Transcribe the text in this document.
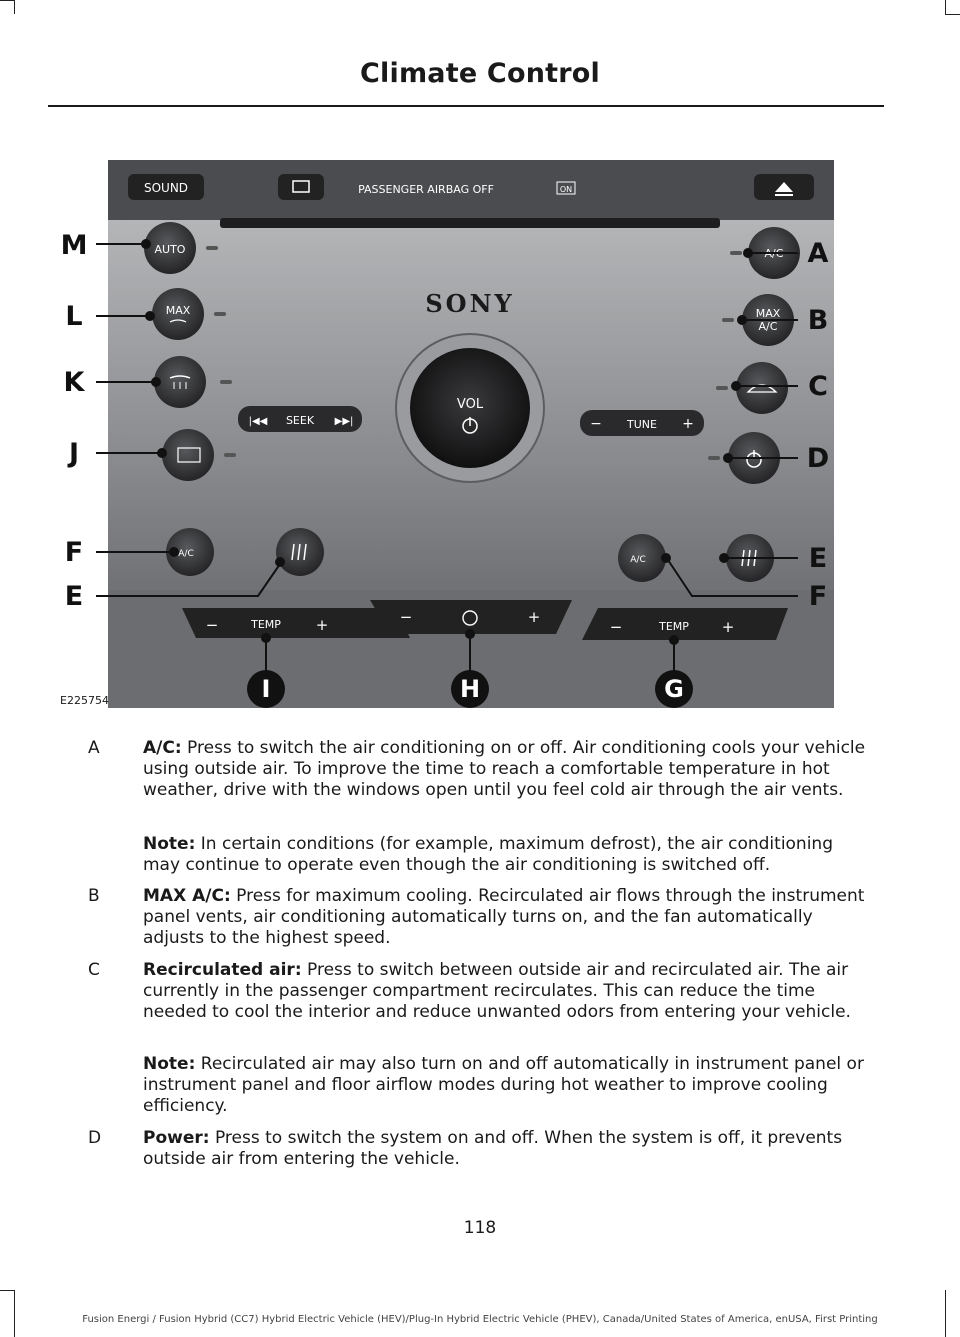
Climate Control
SOUND	PASSENGER AIRBAG OFF	ON
SONY
VOL
SEEK
|◀◀	▶▶|	TUNE
−	+
AUTO
MAX
A/C
MAX
A/C
A/C
A/C
TEMP
−	+	−	+
TEMP
−	+
M
L
K
J
F
E
A
B
C
D
E
F
I	H	G
E225754
A	A/C: Press to switch the air conditioning on or off. Air conditioning cools your vehicle using outside air. To improve the time to reach a comfortable temperature in hot weather, drive with the windows open until you feel cold air through the air vents.
Note: In certain conditions (for example, maximum defrost), the air conditioning may continue to operate even though the air conditioning is switched off.
B	MAX A/C: Press for maximum cooling. Recirculated air flows through the instrument panel vents, air conditioning automatically turns on, and the fan automatically adjusts to the highest speed.
C	Recirculated air: Press to switch between outside air and recirculated air. The air currently in the passenger compartment recirculates. This can reduce the time needed to cool the interior and reduce unwanted odors from entering your vehicle.
Note: Recirculated air may also turn on and off automatically in instrument panel or instrument panel and floor airflow modes during hot weather to improve cooling efficiency.
D	Power: Press to switch the system on and off. When the system is off, it prevents outside air from entering the vehicle.
118
Fusion Energi / Fusion Hybrid (CC7) Hybrid Electric Vehicle (HEV)/Plug-In Hybrid Electric Vehicle (PHEV), Canada/United States of America, enUSA, First Printing
